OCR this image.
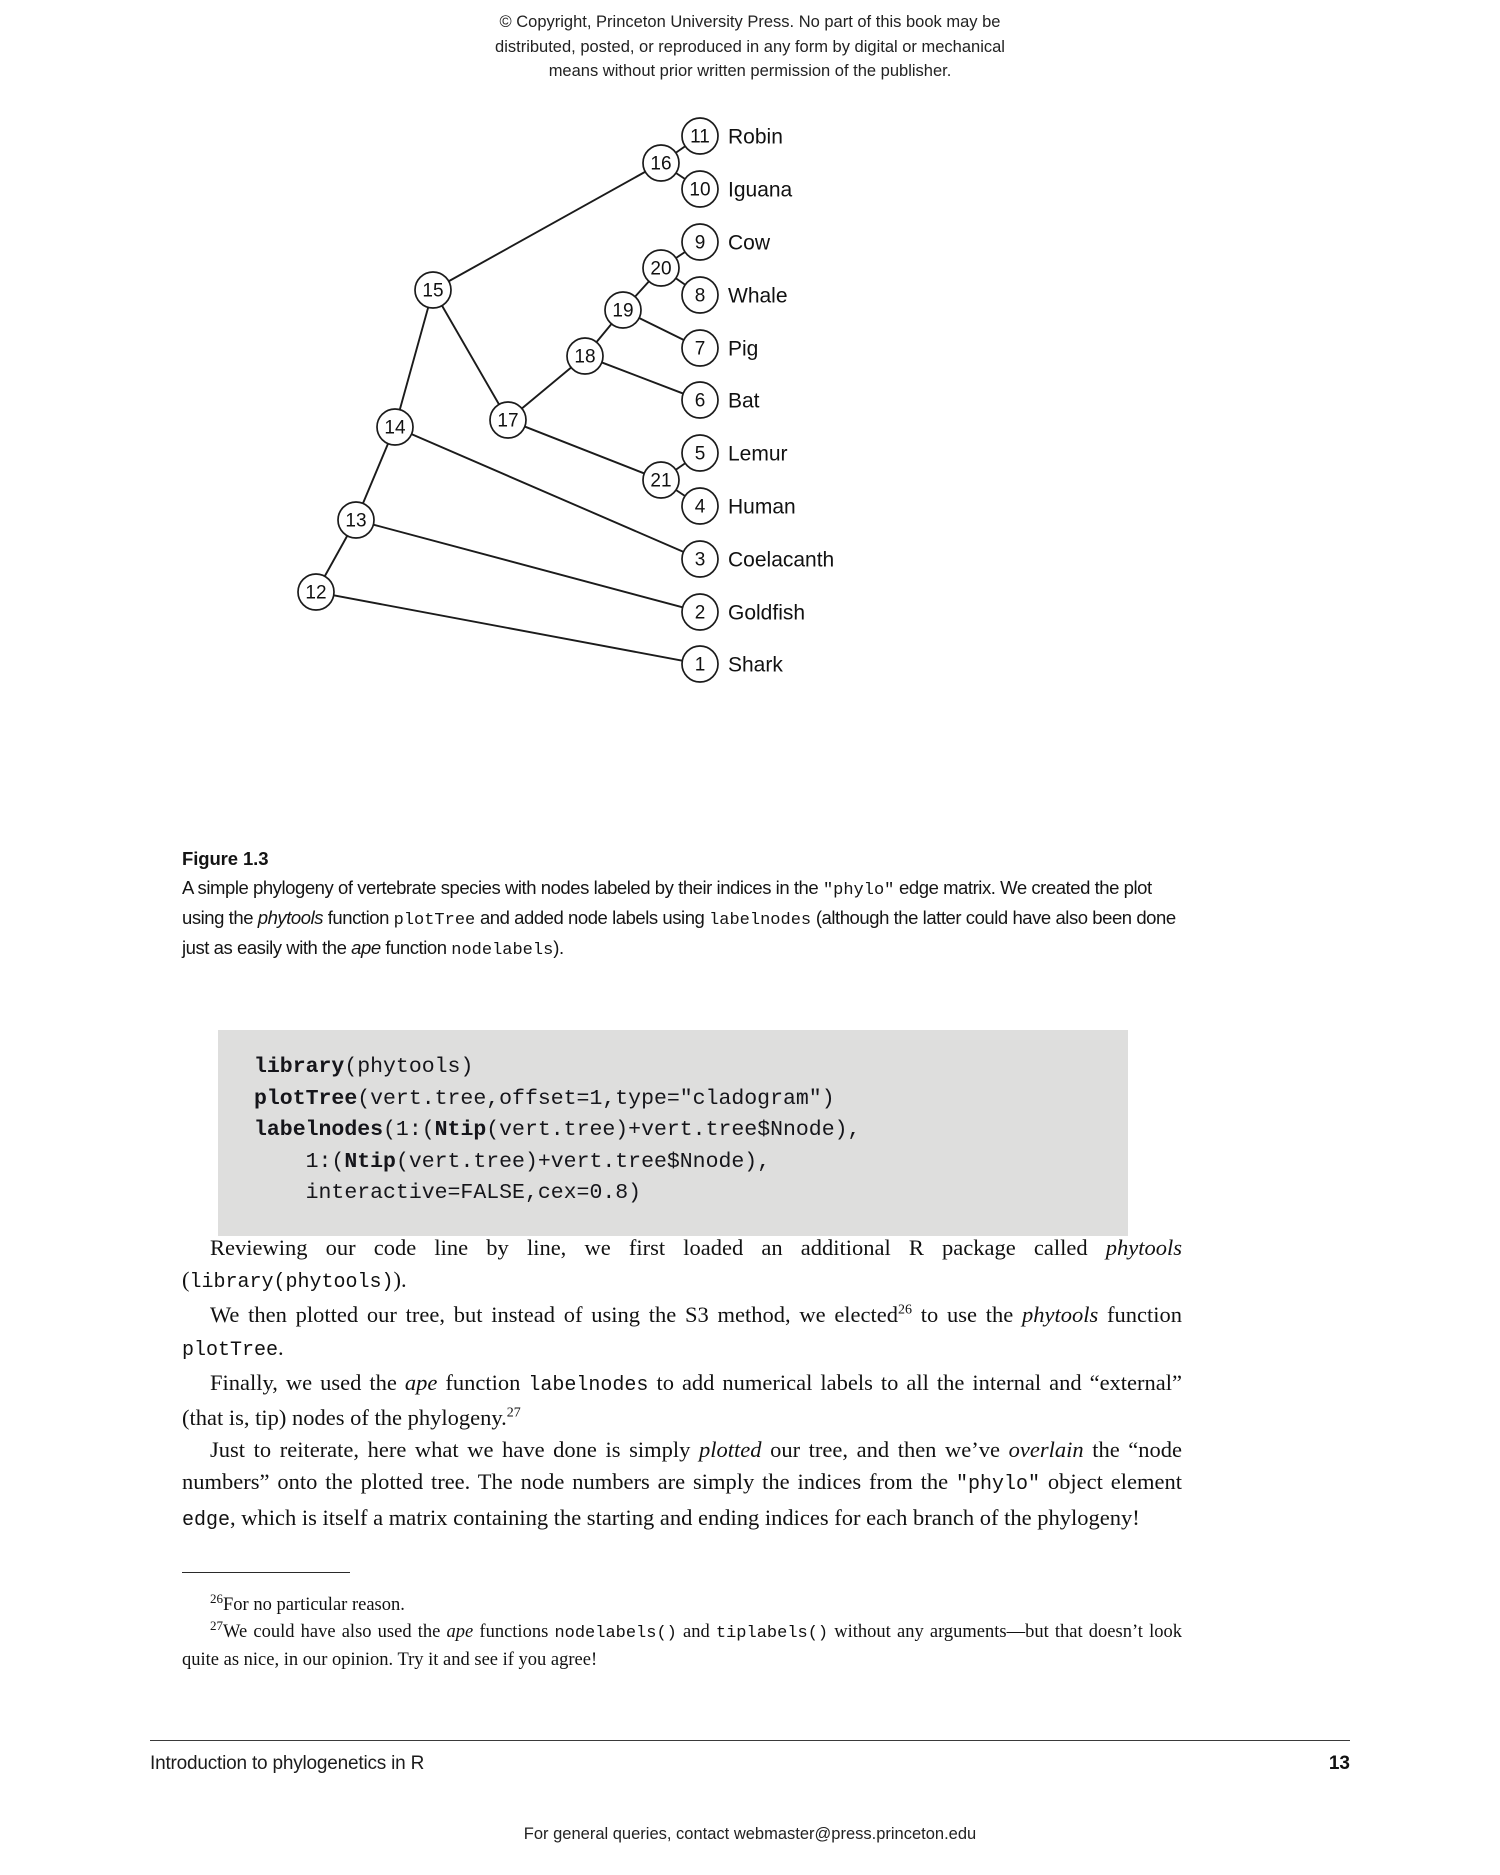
© Copyright, Princeton University Press. No part of this book may be
distributed, posted, or reproduced in any form by digital or mechanical
means without prior written permission of the publisher.
12
13
14
15
16
17
18
19
20
21
11
10
9
8
7
6
5
4
3
2
1
Robin
Iguana
Cow
Whale
Pig
Bat
Lemur
Human
Coelacanth
Goldfish
Shark
Figure 1.3
A simple phylogeny of vertebrate species with nodes labeled by their indices in the "phylo" edge matrix. We created the plot using the phytools function plotTree and added node labels using labelnodes (although the latter could have also been done just as easily with the ape function nodelabels).
library(phytools)
plotTree(vert.tree,offset=1,type="cladogram")
labelnodes(1:(Ntip(vert.tree)+vert.tree$Nnode),
1:(Ntip(vert.tree)+vert.tree$Nnode),
interactive=FALSE,cex=0.8)

Reviewing our code line by line, we first loaded an additional R package called phytools (library(phytools)).

We then plotted our tree, but instead of using the S3 method, we elected$^{26}$ to use the phytools function plotTree.

Finally, we used the ape function labelnodes to add numerical labels to all the internal and “external” (that is, tip) nodes of the phylogeny.$^{27}$

Just to reiterate, here what we have done is simply plotted our tree, and then we’ve overlain the “node numbers” onto the plotted tree. The node numbers are simply the indices from the "phylo" object element edge, which is itself a matrix containing the starting and ending indices for each branch of the phylogeny!

$^{26}$For no particular reason.

$^{27}$We could have also used the ape functions nodelabels() and tiplabels() without any arguments—but that doesn’t look quite as nice, in our opinion. Try it and see if you agree!

Introduction to phylogenetics in R	13
For general queries, contact webmaster@press.princeton.edu
